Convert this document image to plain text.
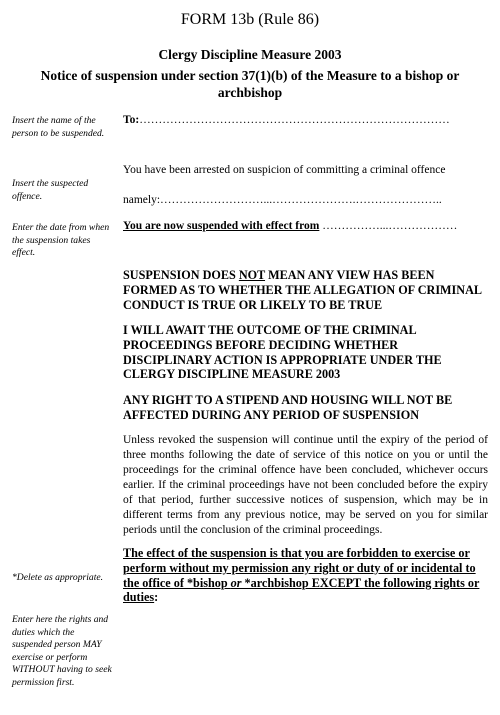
FORM 13b (Rule 86)
Clergy Discipline Measure 2003
Notice of suspension under section 37(1)(b) of the Measure to a bishop or archbishop
Insert the name of the person to be suspended.
Insert the suspected offence.
Enter the date from when the suspension takes effect.
*Delete as appropriate.
Enter here the rights and duties which the suspended person MAY exercise or perform WITHOUT having to seek permission first.
To:………………………………………………………………………
You have been arrested on suspicion of committing a criminal offence
namely:………………………...………………….…………………..
You are now suspended with effect from ……………...………………
SUSPENSION DOES NOT MEAN ANY VIEW HAS BEEN FORMED AS TO WHETHER THE ALLEGATION OF CRIMINAL CONDUCT IS TRUE OR LIKELY TO BE TRUE
I WILL AWAIT THE OUTCOME OF THE CRIMINAL PROCEEDINGS BEFORE DECIDING WHETHER DISCIPLINARY ACTION IS APPROPRIATE UNDER THE CLERGY DISCIPLINE MEASURE 2003
ANY RIGHT TO A STIPEND AND HOUSING WILL NOT BE AFFECTED DURING ANY PERIOD OF SUSPENSION
Unless revoked the suspension will continue until the expiry of the period of three months following the date of service of this notice on you or until the proceedings for the criminal offence have been concluded, whichever occurs earlier. If the criminal proceedings have not been concluded before the expiry of that period, further successive notices of suspension, which may be in different terms from any previous notice, may be served on you for similar periods until the conclusion of the criminal proceedings.
The effect of the suspension is that you are forbidden to exercise or perform without my permission any right or duty of or incidental to the office of *bishop or *archbishop EXCEPT the following rights or duties:
